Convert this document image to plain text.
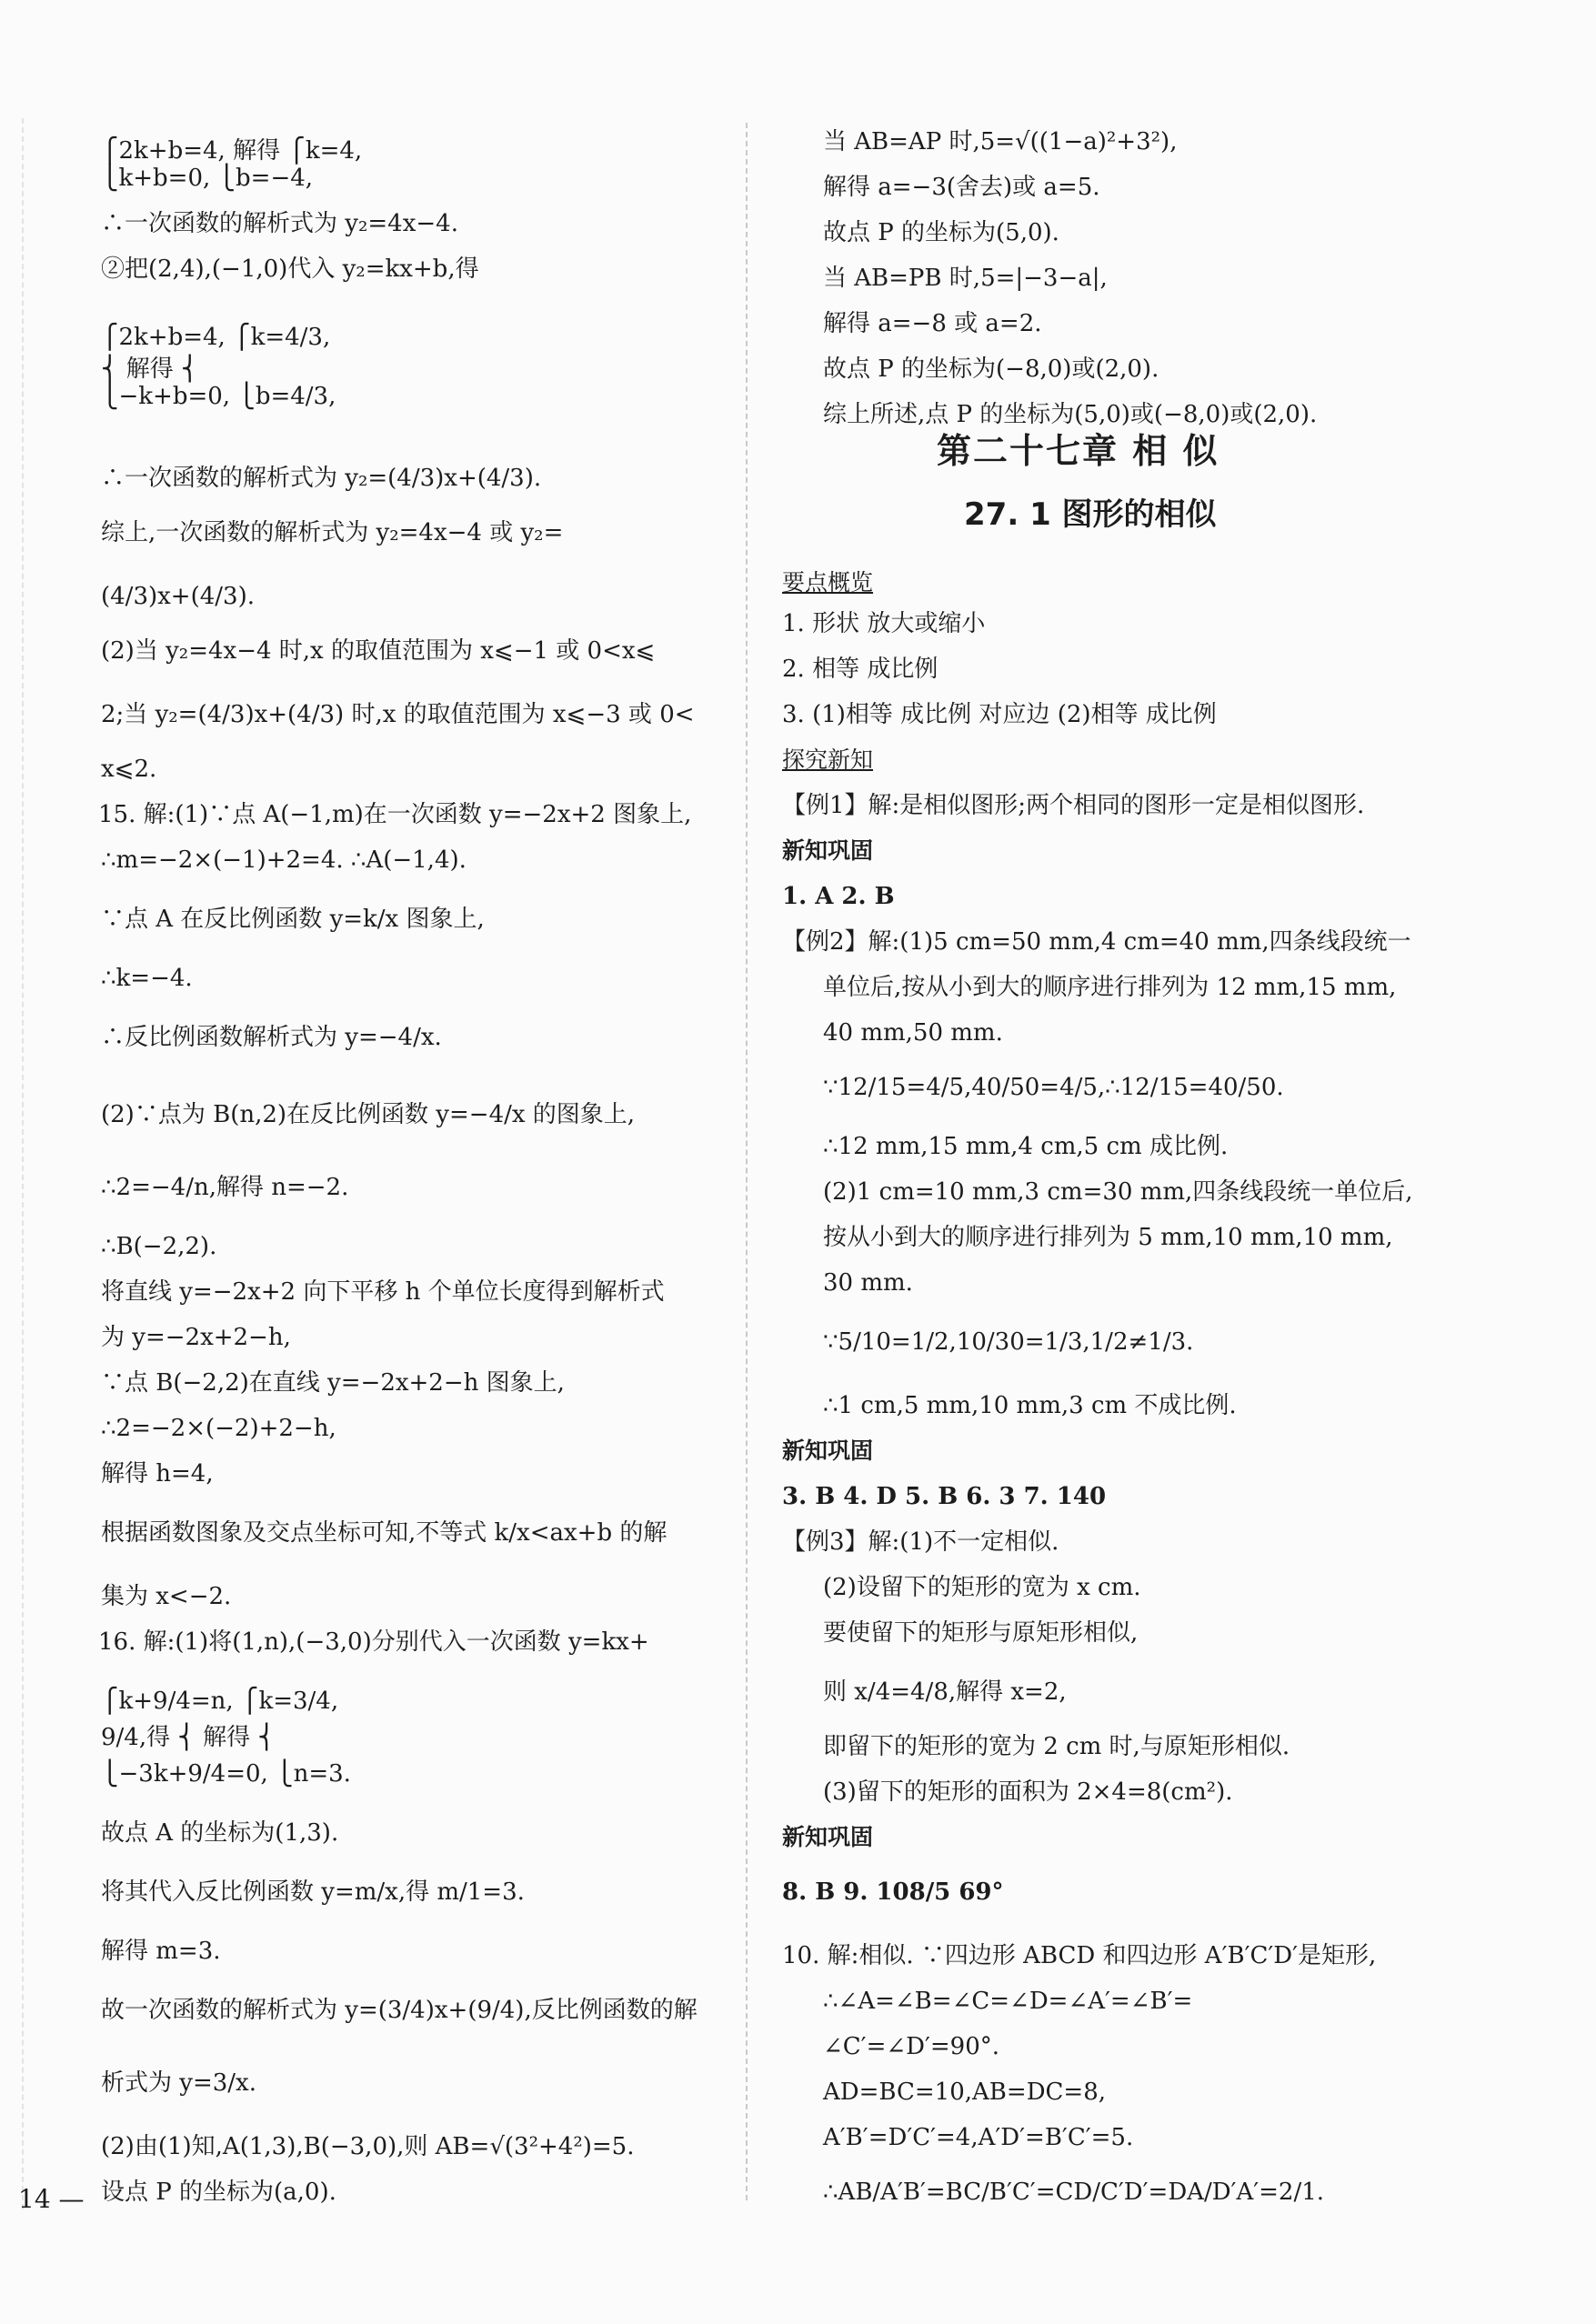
⎧2k+b=4, 解得 ⎧k=4,
⎩k+b=0, ⎩b=−4,
∴一次函数的解析式为 y₂=4x−4.
②把(2,4),(−1,0)代入 y₂=kx+b,得
⎧2k+b=4, ⎧k=4/3,
⎨ 解得 ⎨
⎩−k+b=0, ⎩b=4/3,
∴一次函数的解析式为 y₂=(4/3)x+(4/3).
综上,一次函数的解析式为 y₂=4x−4 或 y₂=
(4/3)x+(4/3).
(2)当 y₂=4x−4 时,x 的取值范围为 x⩽−1 或 0<x⩽
2;当 y₂=(4/3)x+(4/3) 时,x 的取值范围为 x⩽−3 或 0<
x⩽2.
15. 解:(1)∵点 A(−1,m)在一次函数 y=−2x+2 图象上,
∴m=−2×(−1)+2=4. ∴A(−1,4).
∵点 A 在反比例函数 y=k/x 图象上,
∴k=−4.
∴反比例函数解析式为 y=−4/x.
(2)∵点为 B(n,2)在反比例函数 y=−4/x 的图象上,
∴2=−4/n,解得 n=−2.
∴B(−2,2).
将直线 y=−2x+2 向下平移 h 个单位长度得到解析式
为 y=−2x+2−h,
∵点 B(−2,2)在直线 y=−2x+2−h 图象上,
∴2=−2×(−2)+2−h,
解得 h=4,
根据函数图象及交点坐标可知,不等式 k/x<ax+b 的解
集为 x<−2.
16. 解:(1)将(1,n),(−3,0)分别代入一次函数 y=kx+
⎧k+9/4=n, ⎧k=3/4,
9/4,得 ⎨ 解得 ⎨
⎩−3k+9/4=0, ⎩n=3.
故点 A 的坐标为(1,3).
将其代入反比例函数 y=m/x,得 m/1=3.
解得 m=3.
故一次函数的解析式为 y=(3/4)x+(9/4),反比例函数的解
析式为 y=3/x.
(2)由(1)知,A(1,3),B(−3,0),则 AB=√(3²+4²)=5.
设点 P 的坐标为(a,0).
当 AB=AP 时,5=√((1−a)²+3²),
解得 a=−3(舍去)或 a=5.
故点 P 的坐标为(5,0).
当 AB=PB 时,5=|−3−a|,
解得 a=−8 或 a=2.
故点 P 的坐标为(−8,0)或(2,0).
综上所述,点 P 的坐标为(5,0)或(−8,0)或(2,0).
第二十七章 相 似
27. 1 图形的相似
要点概览
1. 形状 放大或缩小
2. 相等 成比例
3. (1)相等 成比例 对应边 (2)相等 成比例
探究新知
【例1】解:是相似图形;两个相同的图形一定是相似图形.
新知巩固
1. A 2. B
【例2】解:(1)5 cm=50 mm,4 cm=40 mm,四条线段统一
单位后,按从小到大的顺序进行排列为 12 mm,15 mm,
40 mm,50 mm.
∵12/15=4/5,40/50=4/5,∴12/15=40/50.
∴12 mm,15 mm,4 cm,5 cm 成比例.
(2)1 cm=10 mm,3 cm=30 mm,四条线段统一单位后,
按从小到大的顺序进行排列为 5 mm,10 mm,10 mm,
30 mm.
∵5/10=1/2,10/30=1/3,1/2≠1/3.
∴1 cm,5 mm,10 mm,3 cm 不成比例.
新知巩固
3. B 4. D 5. B 6. 3 7. 140
【例3】解:(1)不一定相似.
(2)设留下的矩形的宽为 x cm.
要使留下的矩形与原矩形相似,
则 x/4=4/8,解得 x=2,
即留下的矩形的宽为 2 cm 时,与原矩形相似.
(3)留下的矩形的面积为 2×4=8(cm²).
新知巩固
8. B 9. 108/5 69°
10. 解:相似. ∵四边形 ABCD 和四边形 A′B′C′D′是矩形,
∴∠A=∠B=∠C=∠D=∠A′=∠B′=
∠C′=∠D′=90°.
AD=BC=10,AB=DC=8,
A′B′=D′C′=4,A′D′=B′C′=5.
∴AB/A′B′=BC/B′C′=CD/C′D′=DA/D′A′=2/1.
14 —
